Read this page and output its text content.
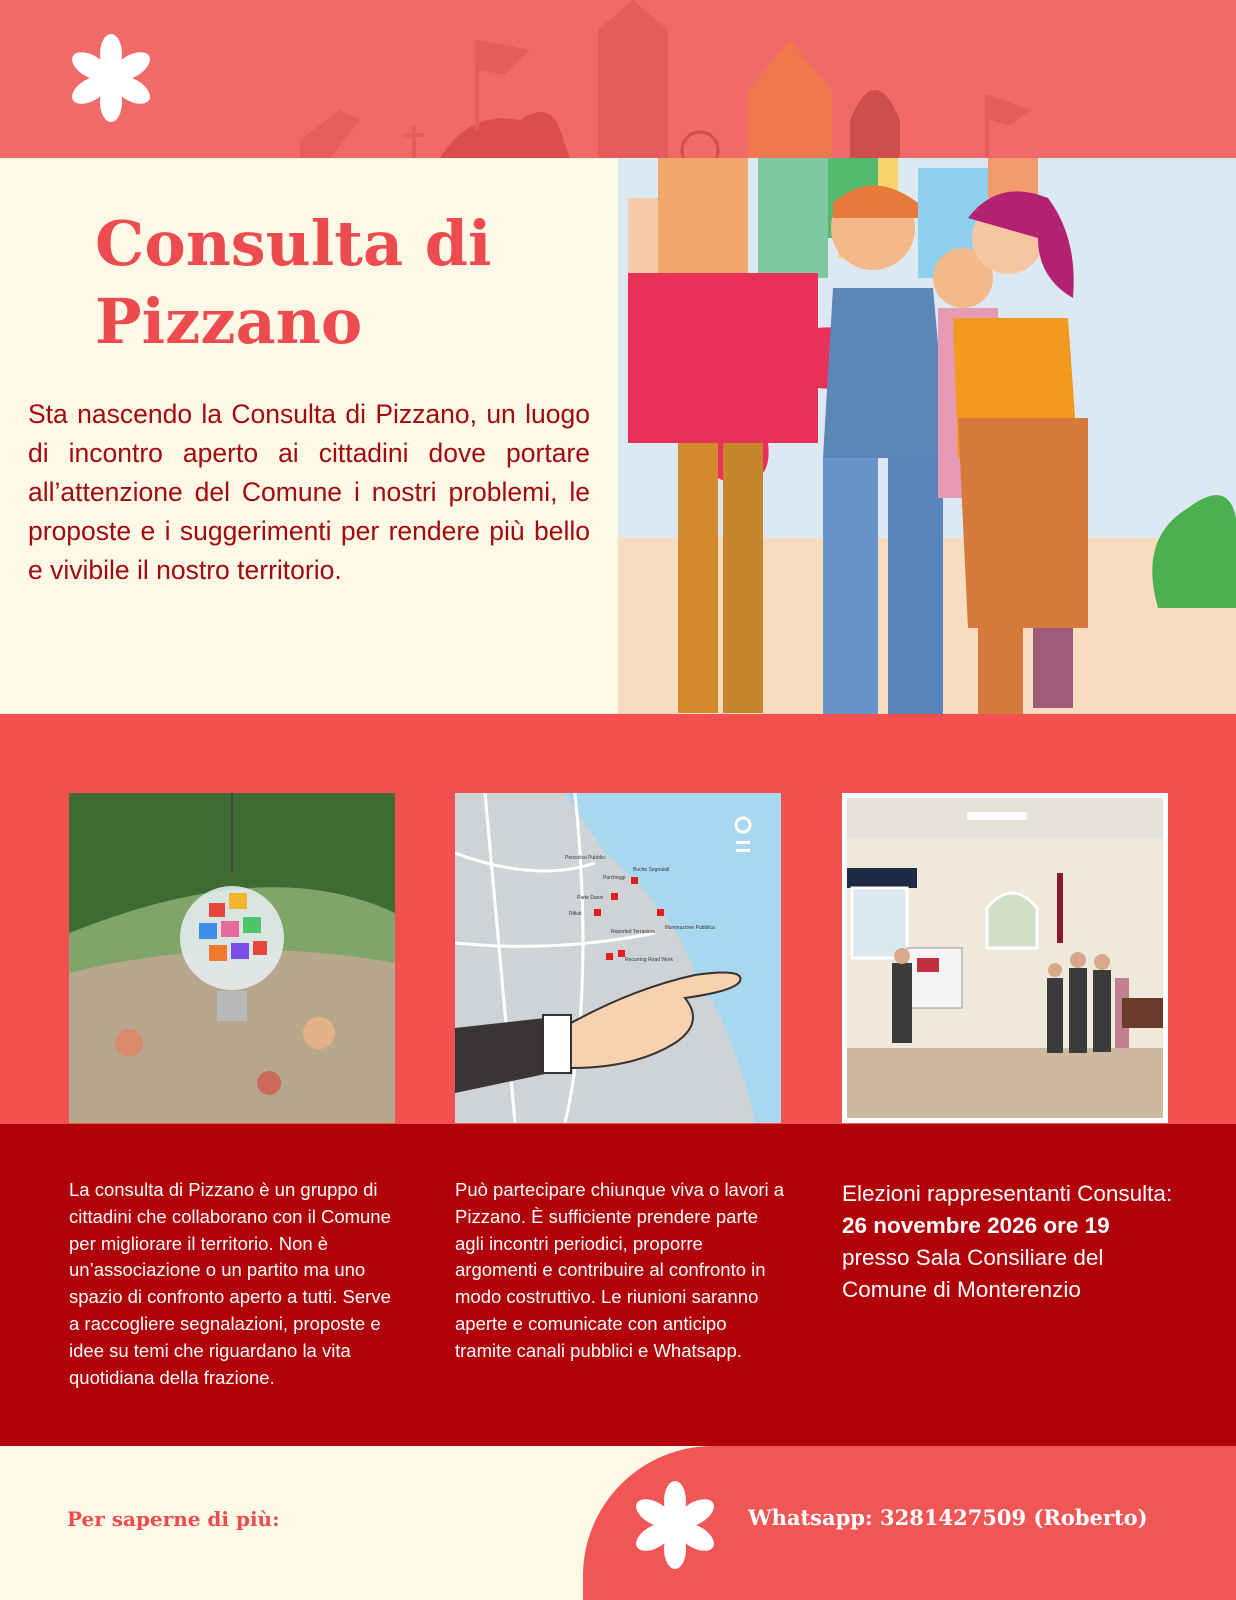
Consulta di Pizzano

Sta nascendo la Consulta di Pizzano, un luogo di incontro aperto ai cittadini dove portare all’attenzione del Comune i nostri problemi, le proposte e i suggerimenti per rendere più bello e vivibile il nostro territorio.

Pericolosi Pubblici
Buche Segnalati
Parcheggi
Parte Danni
Rifiuti
Reported Terrasiors
Recurring Road Work
Illuminazione Pubblica

La consulta di Pizzano è un gruppo di cittadini che collaborano con il Comune per migliorare il territorio. Non è un’associazione o un partito ma uno spazio di confronto aperto a tutti. Serve a raccogliere segnalazioni, proposte e idee su temi che riguardano la vita quotidiana della frazione.

Può partecipare chiunque viva o lavori a Pizzano. È sufficiente prendere parte agli incontri periodici, proporre argomenti e contribuire al confronto in modo costruttivo. Le riunioni saranno aperte e comunicate con anticipo tramite canali pubblici e Whatsapp.

Elezioni rappresentanti Consulta: 26 novembre 2026 ore 19 presso Sala Consiliare del Comune di Monterenzio

Per saperne di più:	Whatsapp: 3281427509 (Roberto)
